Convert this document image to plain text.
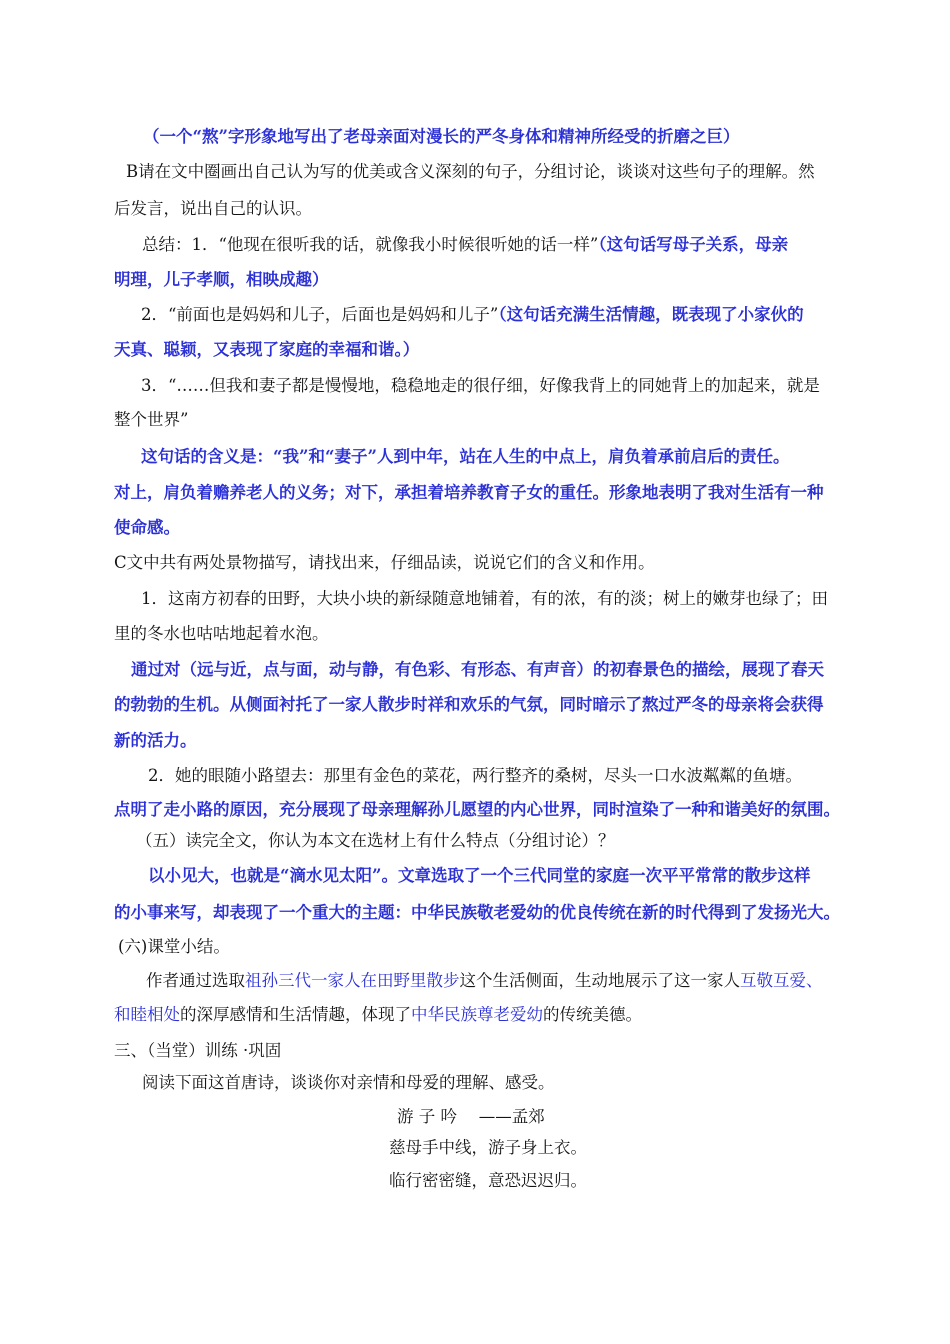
（一个“熬”字形象地写出了老母亲面对漫长的严冬身体和精神所经受的折磨之巨）
B请在文中圈画出自己认为写的优美或含义深刻的句子，分组讨论，谈谈对这些句子的理解。然
后发言，说出自己的认识。
总结：1．“他现在很听我的话，就像我小时候很听她的话一样”（这句话写母子关系，母亲
明理，儿子孝顺，相映成趣）
2．“前面也是妈妈和儿子，后面也是妈妈和儿子”（这句话充满生活情趣，既表现了小家伙的
天真、聪颖，又表现了家庭的幸福和谐。）
3．“……但我和妻子都是慢慢地，稳稳地走的很仔细，好像我背上的同她背上的加起来，就是
整个世界”
这句话的含义是：“我”和“妻子”人到中年，站在人生的中点上，肩负着承前启后的责任。
对上，肩负着赡养老人的义务；对下，承担着培养教育子女的重任。形象地表明了我对生活有一种
使命感。
C文中共有两处景物描写，请找出来，仔细品读，说说它们的含义和作用。
1．这南方初春的田野，大块小块的新绿随意地铺着，有的浓，有的淡；树上的嫩芽也绿了；田
里的冬水也咕咕地起着水泡。
通过对（远与近，点与面，动与静，有色彩、有形态、有声音）的初春景色的描绘，展现了春天
的勃勃的生机。从侧面衬托了一家人散步时祥和欢乐的气氛，同时暗示了熬过严冬的母亲将会获得
新的活力。
2．她的眼随小路望去：那里有金色的菜花，两行整齐的桑树，尽头一口水波粼粼的鱼塘。
点明了走小路的原因，充分展现了母亲理解孙儿愿望的内心世界，同时渲染了一种和谐美好的氛围。
（五）读完全文，你认为本文在选材上有什么特点（分组讨论）？
以小见大，也就是“滴水见太阳”。文章选取了一个三代同堂的家庭一次平平常常的散步这样
的小事来写，却表现了一个重大的主题：中华民族敬老爱幼的优良传统在新的时代得到了发扬光大。
(六)课堂小结。
作者通过选取祖孙三代一家人在田野里散步这个生活侧面，生动地展示了这一家人互敬互爱、
和睦相处的深厚感情和生活情趣，体现了中华民族尊老爱幼的传统美德。
三、（当堂）训练 ·巩固
阅读下面这首唐诗，谈谈你对亲情和母爱的理解、感受。
游 子 吟　 ——孟郊
慈母手中线，游子身上衣。
临行密密缝，意恐迟迟归。
